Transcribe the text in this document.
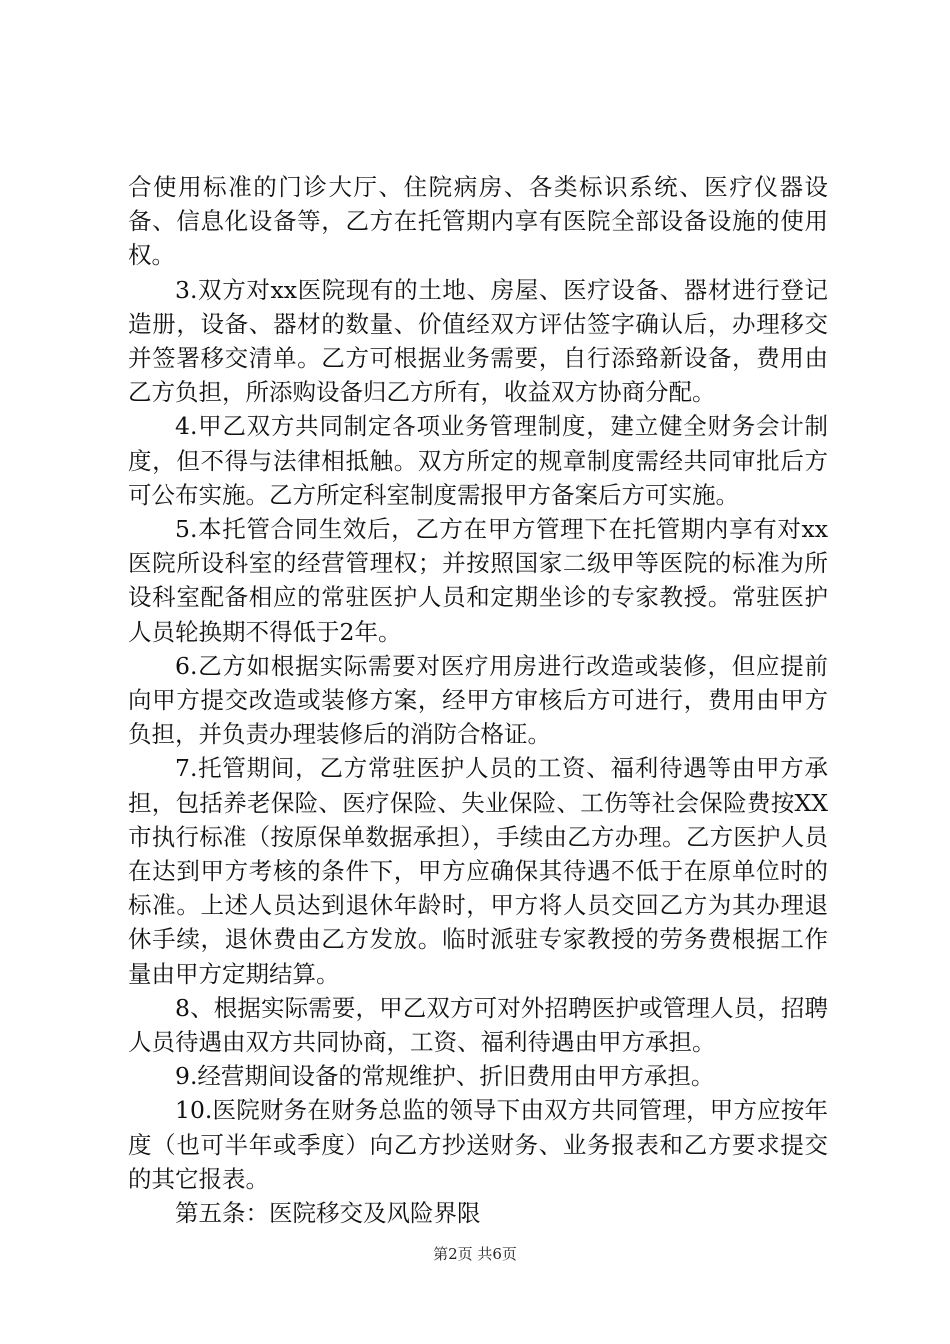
合使用标准的门诊大厅、住院病房、各类标识系统、医疗仪器设备、信息化设备等，乙方在托管期内享有医院全部设备设施的使用权。

3.双方对xx医院现有的土地、房屋、医疗设备、器材进行登记造册，设备、器材的数量、价值经双方评估签字确认后，办理移交并签署移交清单。乙方可根据业务需要，自行添臵新设备，费用由乙方负担，所添购设备归乙方所有，收益双方协商分配。

4.甲乙双方共同制定各项业务管理制度，建立健全财务会计制度，但不得与法律相抵触。双方所定的规章制度需经共同审批后方可公布实施。乙方所定科室制度需报甲方备案后方可实施。

5.本托管合同生效后，乙方在甲方管理下在托管期内享有对xx医院所设科室的经营管理权；并按照国家二级甲等医院的标准为所设科室配备相应的常驻医护人员和定期坐诊的专家教授。常驻医护人员轮换期不得低于2年。

6.乙方如根据实际需要对医疗用房进行改造或装修，但应提前向甲方提交改造或装修方案，经甲方审核后方可进行，费用由甲方负担，并负责办理装修后的消防合格证。

7.托管期间，乙方常驻医护人员的工资、福利待遇等由甲方承担，包括养老保险、医疗保险、失业保险、工伤等社会保险费按XX市执行标准（按原保单数据承担），手续由乙方办理。乙方医护人员在达到甲方考核的条件下，甲方应确保其待遇不低于在原单位时的标准。上述人员达到退休年龄时，甲方将人员交回乙方为其办理退休手续，退休费由乙方发放。临时派驻专家教授的劳务费根据工作量由甲方定期结算。

8、根据实际需要，甲乙双方可对外招聘医护或管理人员，招聘人员待遇由双方共同协商，工资、福利待遇由甲方承担。

9.经营期间设备的常规维护、折旧费用由甲方承担。

10.医院财务在财务总监的领导下由双方共同管理，甲方应按年度（也可半年或季度）向乙方抄送财务、业务报表和乙方要求提交的其它报表。

第五条：医院移交及风险界限

第2页 共6页
